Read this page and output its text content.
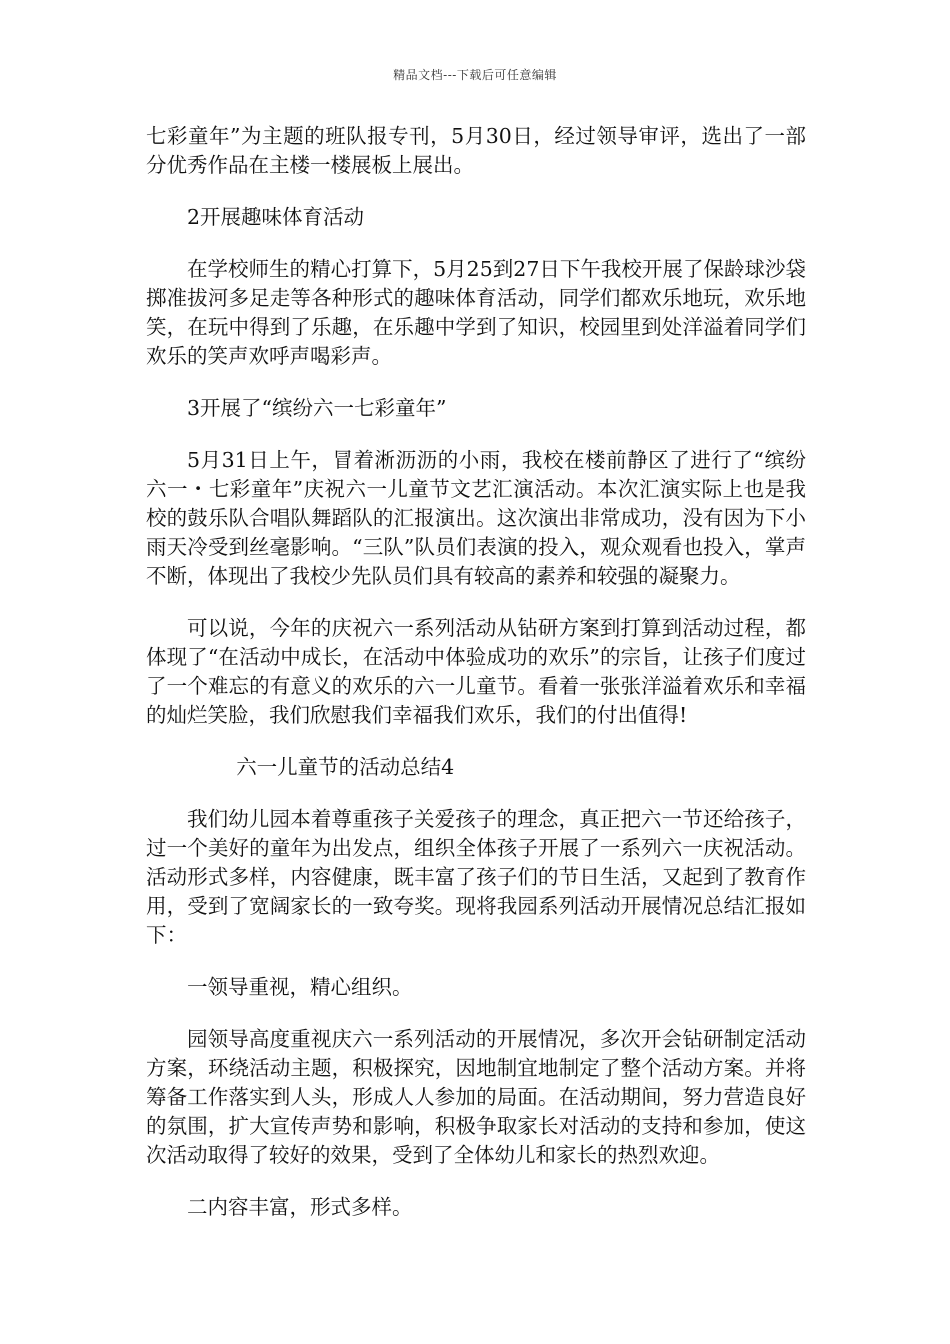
精品文档---下载后可任意编辑

七彩童年”为主题的班队报专刊，5月30日，经过领导审评，选出了一部分优秀作品在主楼一楼展板上展出。

2开展趣味体育活动

在学校师生的精心打算下，5月25到27日下午我校开展了保龄球沙袋掷准拔河多足走等各种形式的趣味体育活动，同学们都欢乐地玩，欢乐地笑，在玩中得到了乐趣，在乐趣中学到了知识，校园里到处洋溢着同学们欢乐的笑声欢呼声喝彩声。

3开展了“缤纷六一七彩童年”

5月31日上午，冒着淅沥沥的小雨，我校在楼前静区了进行了“缤纷六一・七彩童年”庆祝六一儿童节文艺汇演活动。本次汇演实际上也是我校的鼓乐队合唱队舞蹈队的汇报演出。这次演出非常成功，没有因为下小雨天冷受到丝毫影响。“三队”队员们表演的投入，观众观看也投入，掌声不断，体现出了我校少先队员们具有较高的素养和较强的凝聚力。

可以说，今年的庆祝六一系列活动从钻研方案到打算到活动过程，都体现了“在活动中成长，在活动中体验成功的欢乐”的宗旨，让孩子们度过了一个难忘的有意义的欢乐的六一儿童节。看着一张张洋溢着欢乐和幸福的灿烂笑脸，我们欣慰我们幸福我们欢乐，我们的付出值得!

六一儿童节的活动总结4

我们幼儿园本着尊重孩子关爱孩子的理念，真正把六一节还给孩子，过一个美好的童年为出发点，组织全体孩子开展了一系列六一庆祝活动。活动形式多样，内容健康，既丰富了孩子们的节日生活，又起到了教育作用，受到了宽阔家长的一致夸奖。现将我园系列活动开展情况总结汇报如下：

一领导重视，精心组织。

园领导高度重视庆六一系列活动的开展情况，多次开会钻研制定活动方案，环绕活动主题，积极探究，因地制宜地制定了整个活动方案。并将筹备工作落实到人头，形成人人参加的局面。在活动期间，努力营造良好的氛围，扩大宣传声势和影响，积极争取家长对活动的支持和参加，使这次活动取得了较好的效果，受到了全体幼儿和家长的热烈欢迎。

二内容丰富，形式多样。
